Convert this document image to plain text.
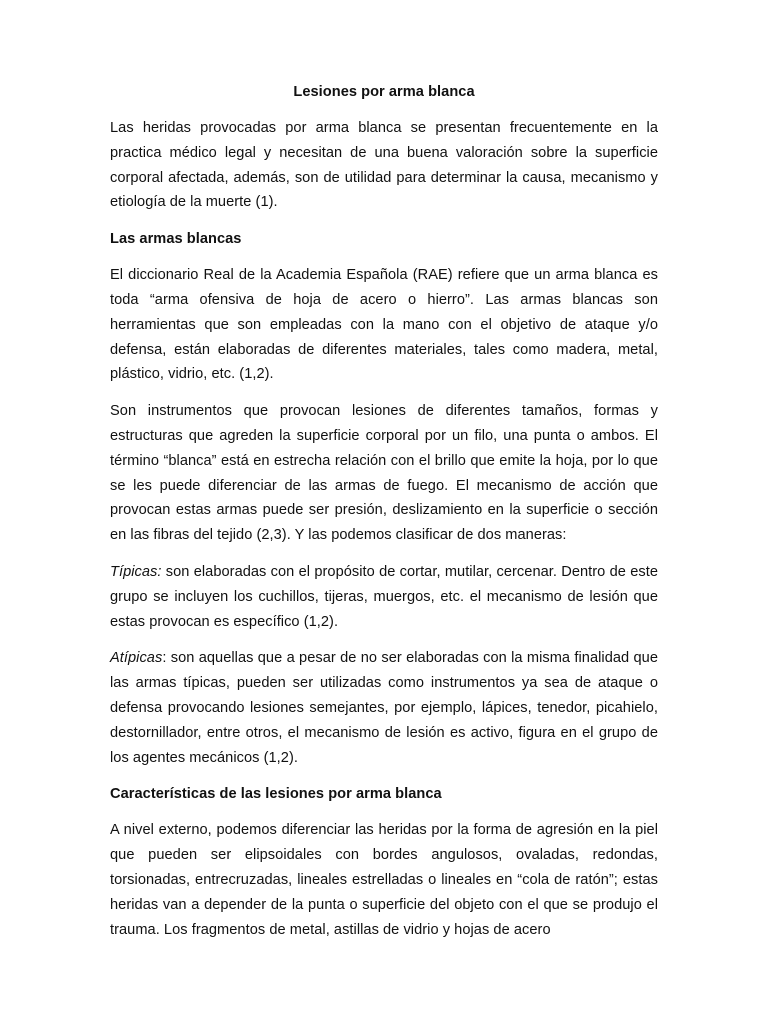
Lesiones por arma blanca

Las heridas provocadas por arma blanca se presentan frecuentemente en la practica médico legal y necesitan de una buena valoración sobre la superficie corporal afectada, además, son de utilidad para determinar la causa, mecanismo y etiología de la muerte (1).

Las armas blancas

El diccionario Real de la Academia Española (RAE) refiere que un arma blanca es toda “arma ofensiva de hoja de acero o hierro”. Las armas blancas son herramientas que son empleadas con la mano con el objetivo de ataque y/o defensa, están elaboradas de diferentes materiales, tales como madera, metal, plástico, vidrio, etc. (1,2).

Son instrumentos que provocan lesiones de diferentes tamaños, formas y estructuras que agreden la superficie corporal por un filo, una punta o ambos. El término “blanca” está en estrecha relación con el brillo que emite la hoja, por lo que se les puede diferenciar de las armas de fuego. El mecanismo de acción que provocan estas armas puede ser presión, deslizamiento en la superficie o sección en las fibras del tejido (2,3). Y las podemos clasificar de dos maneras:

Típicas: son elaboradas con el propósito de cortar, mutilar, cercenar. Dentro de este grupo se incluyen los cuchillos, tijeras, muergos, etc. el mecanismo de lesión que estas provocan es específico (1,2).

Atípicas: son aquellas que a pesar de no ser elaboradas con la misma finalidad que las armas típicas, pueden ser utilizadas como instrumentos ya sea de ataque o defensa provocando lesiones semejantes, por ejemplo, lápices, tenedor, picahielo, destornillador, entre otros, el mecanismo de lesión es activo, figura en el grupo de los agentes mecánicos (1,2).

Características de las lesiones por arma blanca

A nivel externo, podemos diferenciar las heridas por la forma de agresión en la piel que pueden ser elipsoidales con bordes angulosos, ovaladas, redondas, torsionadas, entrecruzadas, lineales estrelladas o lineales en “cola de ratón”; estas heridas van a depender de la punta o superficie del objeto con el que se produjo el trauma. Los fragmentos de metal, astillas de vidrio y hojas de acero
